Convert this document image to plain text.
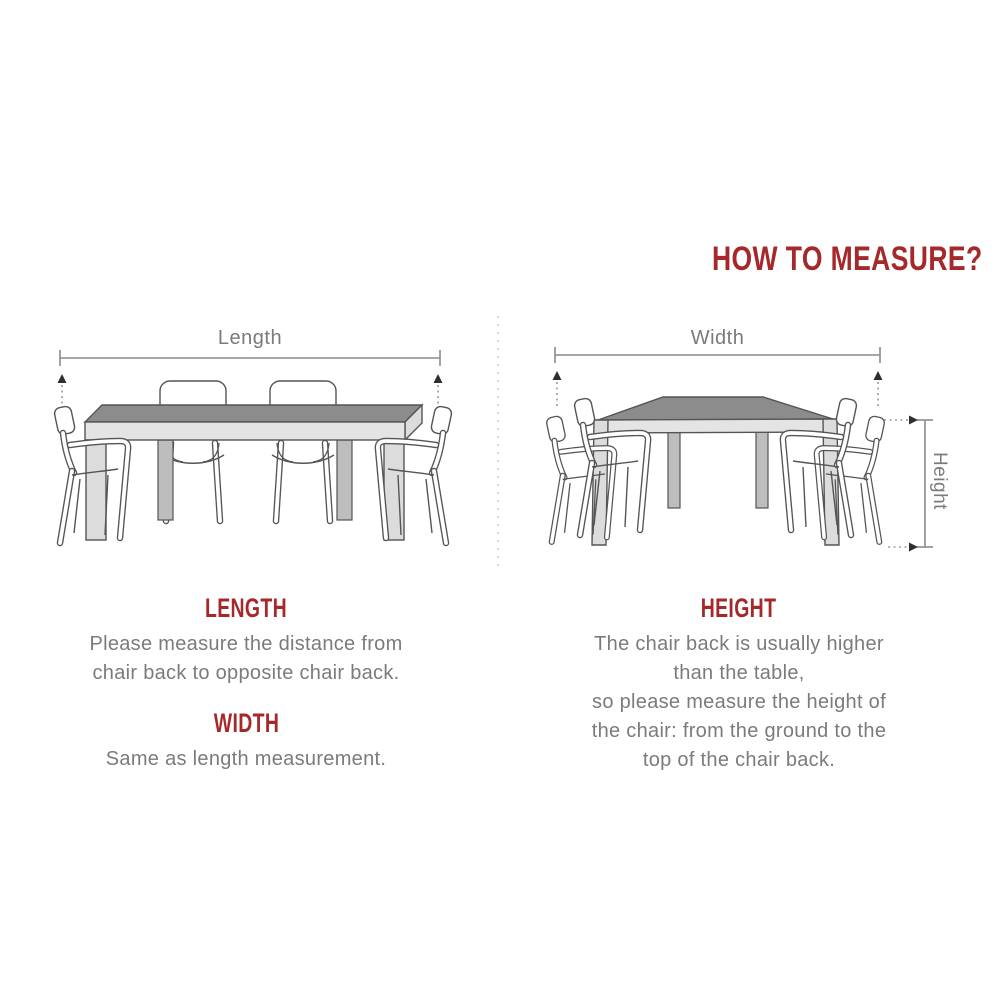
HOW TO MEASURE?
Length	Width
Height
LENGTH
Please measure the distance from
chair back to opposite chair back.
WIDTH
Same as length measurement.
HEIGHT
The chair back is usually higher
than the table,
so please measure the height of
the chair: from the ground to the
top of the chair back.
